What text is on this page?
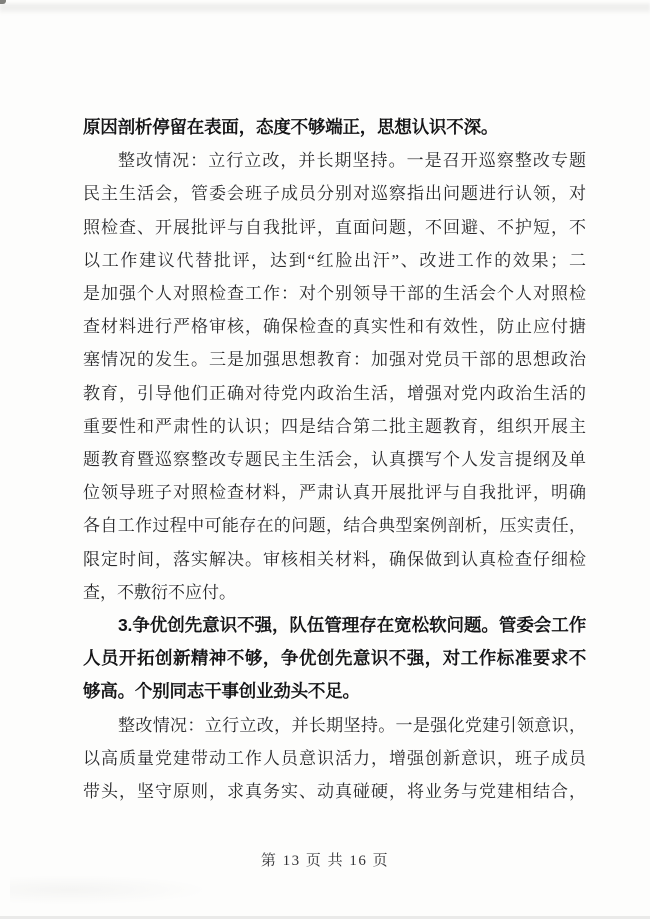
原因剖析停留在表面，态度不够端正，思想认识不深。
整改情况：立行立改，并长期坚持。一是召开巡察整改专题
民主生活会，管委会班子成员分别对巡察指出问题进行认领，对
照检查、开展批评与自我批评，直面问题，不回避、不护短，不
以工作建议代替批评，达到“红脸出汗”、改进工作的效果；二
是加强个人对照检查工作：对个别领导干部的生活会个人对照检
查材料进行严格审核，确保检查的真实性和有效性，防止应付搪
塞情况的发生。三是加强思想教育：加强对党员干部的思想政治
教育，引导他们正确对待党内政治生活，增强对党内政治生活的
重要性和严肃性的认识；四是结合第二批主题教育，组织开展主
题教育暨巡察整改专题民主生活会，认真撰写个人发言提纲及单
位领导班子对照检查材料，严肃认真开展批评与自我批评，明确
各自工作过程中可能存在的问题，结合典型案例剖析，压实责任，
限定时间，落实解决。审核相关材料，确保做到认真检查仔细检
查，不敷衍不应付。
3.争优创先意识不强，队伍管理存在宽松软问题。管委会工作
人员开拓创新精神不够，争优创先意识不强，对工作标准要求不
够高。个别同志干事创业劲头不足。
整改情况：立行立改，并长期坚持。一是强化党建引领意识，
以高质量党建带动工作人员意识活力，增强创新意识，班子成员
带头，坚守原则，求真务实、动真碰硬，将业务与党建相结合，
第 13 页 共 16 页
